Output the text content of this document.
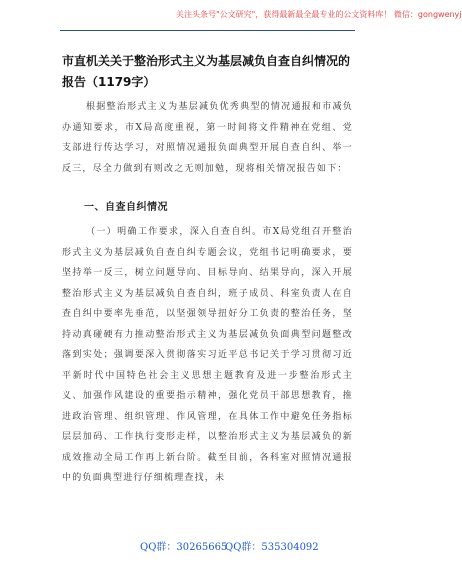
关注头条号"公文研究"，获得最新最全最专业的公文资料库！ 微信：gongwenyj
市直机关关于整治形式主义为基层减负自查自纠情况的报告（1179字）

根据整治形式主义为基层减负优秀典型的情况通报和市减负办通知要求，市X局高度重视，第一时间将文件精神在党组、党支部进行传达学习，对照情况通报负面典型开展自查自纠、举一反三，尽全力做到有则改之无则加勉，现将相关情况报告如下：

一、自查自纠情况

（一）明确工作要求，深入自查自纠。市X局党组召开整治形式主义为基层减负自查自纠专题会议，党组书记明确要求，要坚持举一反三，树立问题导向、目标导向、结果导向，深入开展整治形式主义为基层减负自查自纠，班子成员、科室负责人在自查自纠中要率先垂范，以坚强领导扭好分工负责的整治任务，坚持动真碰硬有力推动整治形式主义为基层减负负面典型问题整改落到实处；强调要深入贯彻落实习近平总书记关于学习贯彻习近平新时代中国特色社会主义思想主题教育及进一步整治形式主义、加强作风建设的重要指示精神，强化党员干部思想教育，推进政治管理、组织管理、作风管理，在具体工作中避免任务指标层层加码、工作执行变形走样，以整治形式主义为基层减负的新成效推动全局工作再上新台阶。截至目前，各科室对照情况通报中的负面典型进行仔细梳理查找，未

QQ群：30265665
QQ群：535304092
